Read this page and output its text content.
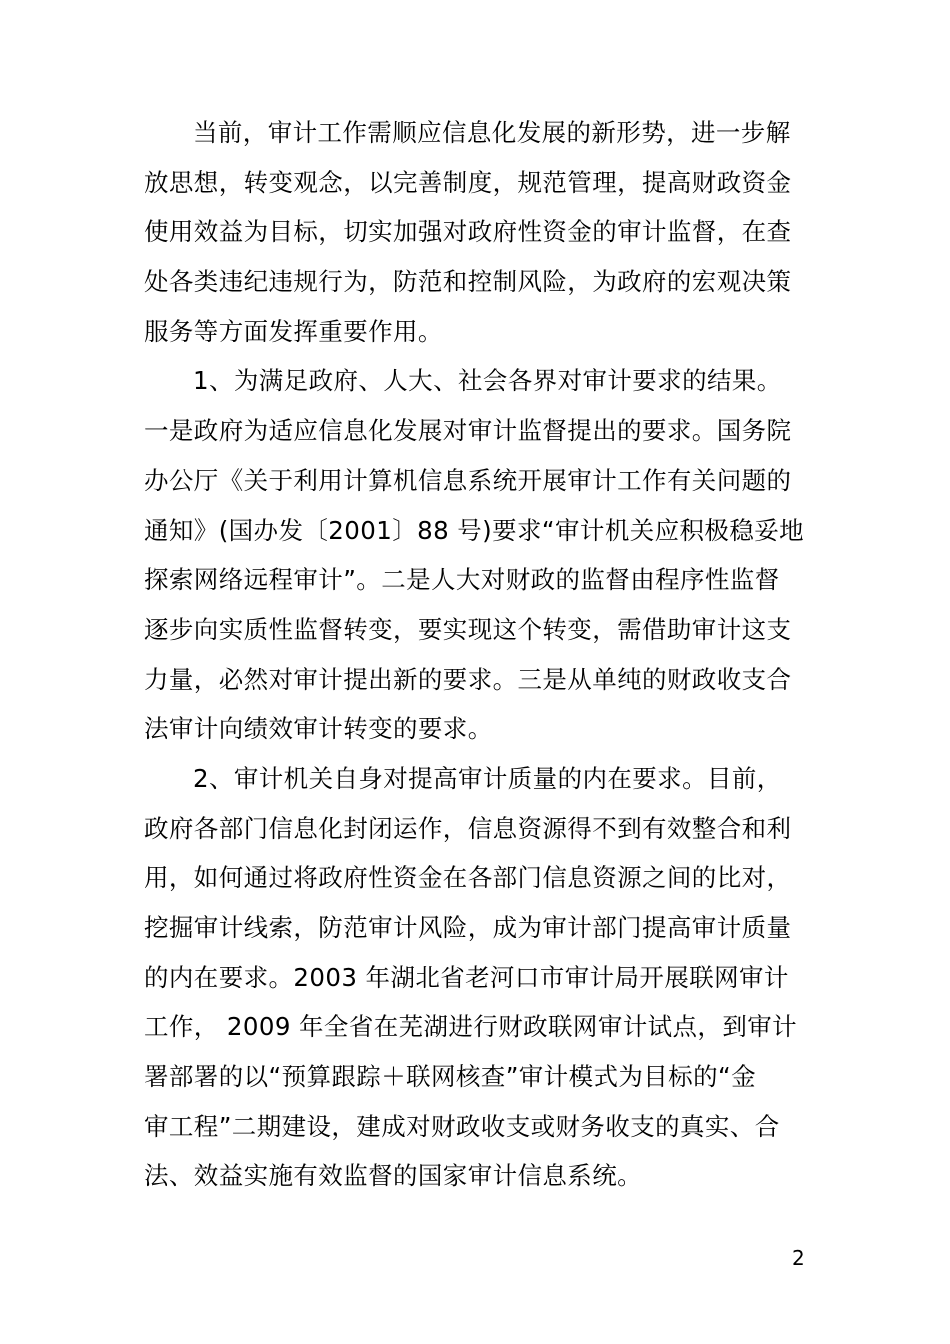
当前，审计工作需顺应信息化发展的新形势，进一步解
放思想，转变观念，以完善制度，规范管理，提高财政资金
使用效益为目标，切实加强对政府性资金的审计监督，在查
处各类违纪违规行为，防范和控制风险，为政府的宏观决策
服务等方面发挥重要作用。
1、为满足政府、人大、社会各界对审计要求的结果。
一是政府为适应信息化发展对审计监督提出的要求。国务院
办公厅《关于利用计算机信息系统开展审计工作有关问题的
通知》(国办发〔2001〕88 号)要求“审计机关应积极稳妥地
探索网络远程审计”。二是人大对财政的监督由程序性监督
逐步向实质性监督转变，要实现这个转变，需借助审计这支
力量，必然对审计提出新的要求。三是从单纯的财政收支合
法审计向绩效审计转变的要求。
2、审计机关自身对提高审计质量的内在要求。目前，
政府各部门信息化封闭运作，信息资源得不到有效整合和利
用，如何通过将政府性资金在各部门信息资源之间的比对，
挖掘审计线索，防范审计风险，成为审计部门提高审计质量
的内在要求。2003 年湖北省老河口市审计局开展联网审计
工作， 2009 年全省在芜湖进行财政联网审计试点，到审计
署部署的以“预算跟踪＋联网核查”审计模式为目标的“金
审工程”二期建设，建成对财政收支或财务收支的真实、合
法、效益实施有效监督的国家审计信息系统。
2
